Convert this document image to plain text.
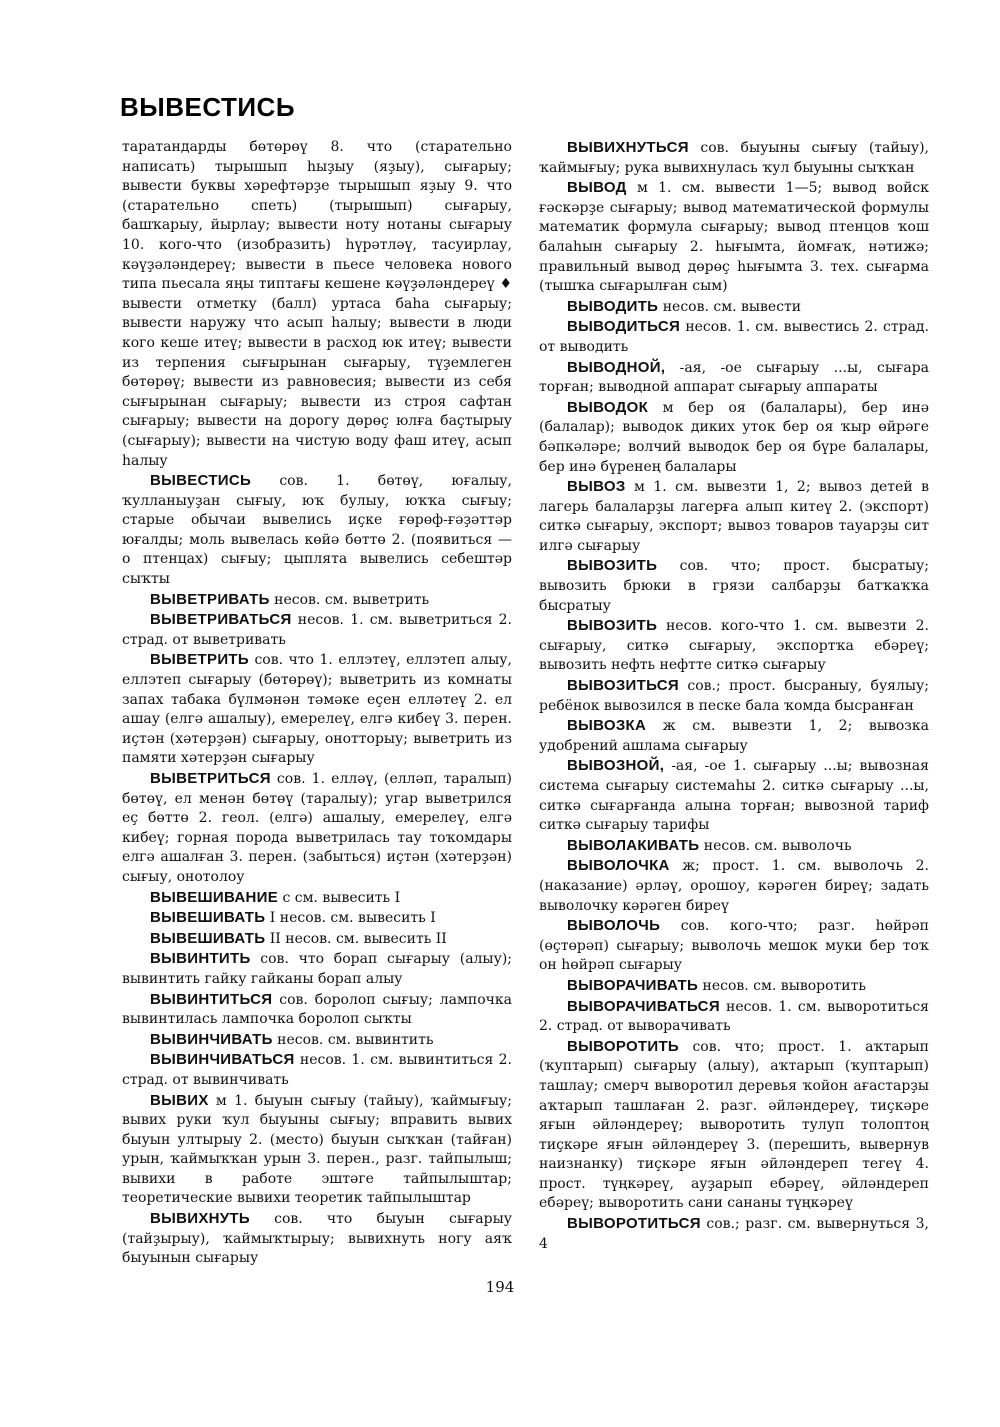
ВЫВЕСТИСЬ

таратандарды бөтөрөү 8. что (старательно написать) тырышып һыҙыу (яҙыу), сығарыу; вывести буквы хәрефтәрҙе тырышып яҙыу 9. что (старательно спеть) (тырышып) сығарыу, башҡарыу, йырлау; вывести ноту нотаны сығарыу 10. кого-что (изобразить) һүрәтләү, тасуирлау, кәүҙәләндереү; вывести в пьесе человека нового типа пьесала яңы типтағы кешене кәүҙәләндереү ♦ вывести отметку (балл) уртаса баһа сығарыу; вывести наружу что асып һалыу; вывести в люди кого кеше итеү; вывести в расход юк итеү; вывести из терпения сығырынан сығарыу, түҙемлеген бөтөрөү; вывести из равновесия; вывести из себя сығырынан сығарыу; вывести из строя сафтан сығарыу; вывести на дорогу дөрөҫ юлға баҫтырыу (сығарыу); вывести на чистую воду фаш итеү, асып һалыу

ВЫВЕСТИСЬ сов. 1. бөтөү, юғалыу, ҡулланыуҙан сығыу, юҡ булыу, юҡҡа сығыу; старые обычаи вывелись иҫке ғөрөф-ғәҙәттәр юғалды; моль вывелась көйә бөттө 2. (появиться — о птенцах) сығыу; цыплята вывелись себештәр сыҡты

ВЫВЕТРИВАТЬ несов. см. выветрить

ВЫВЕТРИВАТЬСЯ несов. 1. см. выветриться 2. страд. от выветривать

ВЫВЕТРИТЬ сов. что 1. еллэтеү, еллэтеп алыу, еллэтеп сығарыу (бөтөрөү); выветрить из комнаты запах табака бүлмәнән тәмәке еҫен елләтеү 2. ел ашау (елгә ашалыу), емерелеү, елгә кибеү 3. перен. иҫтән (хәтерҙән) сығарыу, онотторыу; выветрить из памяти хәтерҙән сығарыу

ВЫВЕТРИТЬСЯ сов. 1. елләү, (елләп, таралып) бөтөү, ел менән бөтөү (таралыу); угар выветрился еҫ бөттө 2. геол. (елгә) ашалыу, емерелеү, елгә кибеү; горная порода выветрилась тау тоҡомдары елгә ашалған 3. перен. (забыться) иҫтән (хәтерҙән) сығыу, онотолоу

ВЫВЕШИВАНИЕ с см. вывесить I

ВЫВЕШИВАТЬ I несов. см. вывесить I

ВЫВЕШИВАТЬ II несов. см. вывесить II

ВЫВИНТИТЬ сов. что борап сығарыу (алыу); вывинтить гайку гайканы борап алыу

ВЫВИНТИТЬСЯ сов. боролоп сығыу; лампочка вывинтилась лампочка боролоп сыҡты

ВЫВИНЧИВАТЬ несов. см. вывинтить

ВЫВИНЧИВАТЬСЯ несов. 1. см. вывинтиться 2. страд. от вывинчивать

ВЫВИХ м 1. быуын сығыу (тайыу), ҡаймығыу; вывих руки ҡул быуыны сығыу; вправить вывих быуын ултырыу 2. (место) быуын сыҡҡан (тайған) урын, ҡаймыҡҡан урын 3. перен., разг. тайпылыш; вывихи в работе эштәге тайпылыштар; теоретические вывихи теоретик тайпылыштар

ВЫВИХНУТЬ сов. что быуын сығарыу (тайҙырыу), ҡаймыҡтырыу; вывихнуть ногу аяҡ быуынын сығарыу

ВЫВИХНУТЬСЯ сов. быуыны сығыу (тайыу), ҡаймығыу; рука вывихнулась ҡул быуыны сыҡҡан

ВЫВОД м 1. см. вывести 1—5; вывод войск ғәскәрҙе сығарыу; вывод математической формулы математик формула сығарыу; вывод птенцов ҡош балаһын сығарыу 2. һығымта, йомғаҡ, нәтижә; правильный вывод дөрөҫ һығымта 3. тех. сығарма (тышҡа сығарылған сым)

ВЫВОДИТЬ несов. см. вывести

ВЫВОДИТЬСЯ несов. 1. см. вывестись 2. страд. от выводить

ВЫВОДНОЙ, -ая, -ое сығарыу ...ы, сығара торған; выводной аппарат сығарыу аппараты

ВЫВОДОК м бер оя (балалары), бер инә (балалар); выводок диких уток бер оя ҡыр өйрәге бәпкәләре; волчий выводок бер оя бүре балалары, бер инә бүренең балалары

ВЫВОЗ м 1. см. вывезти 1, 2; вывоз детей в лагерь балаларҙы лагерға алып китеү 2. (экспорт) ситкә сығарыу, экспорт; вывоз товаров тауарҙы сит илгә сығарыу

ВЫВОЗИТЬ сов. что; прост. бысратыу; вывозить брюки в грязи салбарҙы батҡаҡҡа бысратыу

ВЫВОЗИТЬ несов. кого-что 1. см. вывезти 2. сығарыу, ситкә сығарыу, экспортҡа ебәреү; вывозить нефть нефтте ситкә сығарыу

ВЫВОЗИТЬСЯ сов.; прост. бысраныу, буялыу; ребёнок вывозился в песке бала ҡомда бысранған

ВЫВОЗКА ж см. вывезти 1, 2; вывозка удобрений ашлама сығарыу

ВЫВОЗНОЙ, -ая, -ое 1. сығарыу ...ы; вывозная система сығарыу системаһы 2. ситкә сығарыу ...ы, ситкә сығарғанда алына торған; вывозной тариф ситкә сығарыу тарифы

ВЫВОЛАКИВАТЬ несов. см. выволочь

ВЫВОЛОЧКА ж; прост. 1. см. выволочь 2. (наказание) әрләү, орошоу, кәрәген биреү; задать выволочку кәрәген биреү

ВЫВОЛОЧЬ сов. кого-что; разг. һөйрәп (өҫтөрәп) сығарыу; выволочь мешок муки бер тоҡ он һөйрәп сығарыу

ВЫВОРАЧИВАТЬ несов. см. выворотить

ВЫВОРАЧИВАТЬСЯ несов. 1. см. выворотиться 2. страд. от выворачивать

ВЫВОРОТИТЬ сов. что; прост. 1. аҡтарып (ҡуптарып) сығарыу (алыу), аҡтарып (ҡуптарып) ташлау; смерч выворотил деревья ҡойон ағастарҙы аҡтарып ташлаған 2. разг. әйләндереү, тиҫкәре яғын әйләндереү; выворотить тулуп толоптоң тиҫкәре яғын әйләндереү 3. (перешить, вывернув наизнанку) тиҫкәре яғын әйләндереп тегеү 4. прост. түңкәреү, ауҙарып ебәреү, әйләндереп ебәреү; выворотить сани сананы түңкәреү

ВЫВОРОТИТЬСЯ сов.; разг. см. вывернуться 3, 4

194
